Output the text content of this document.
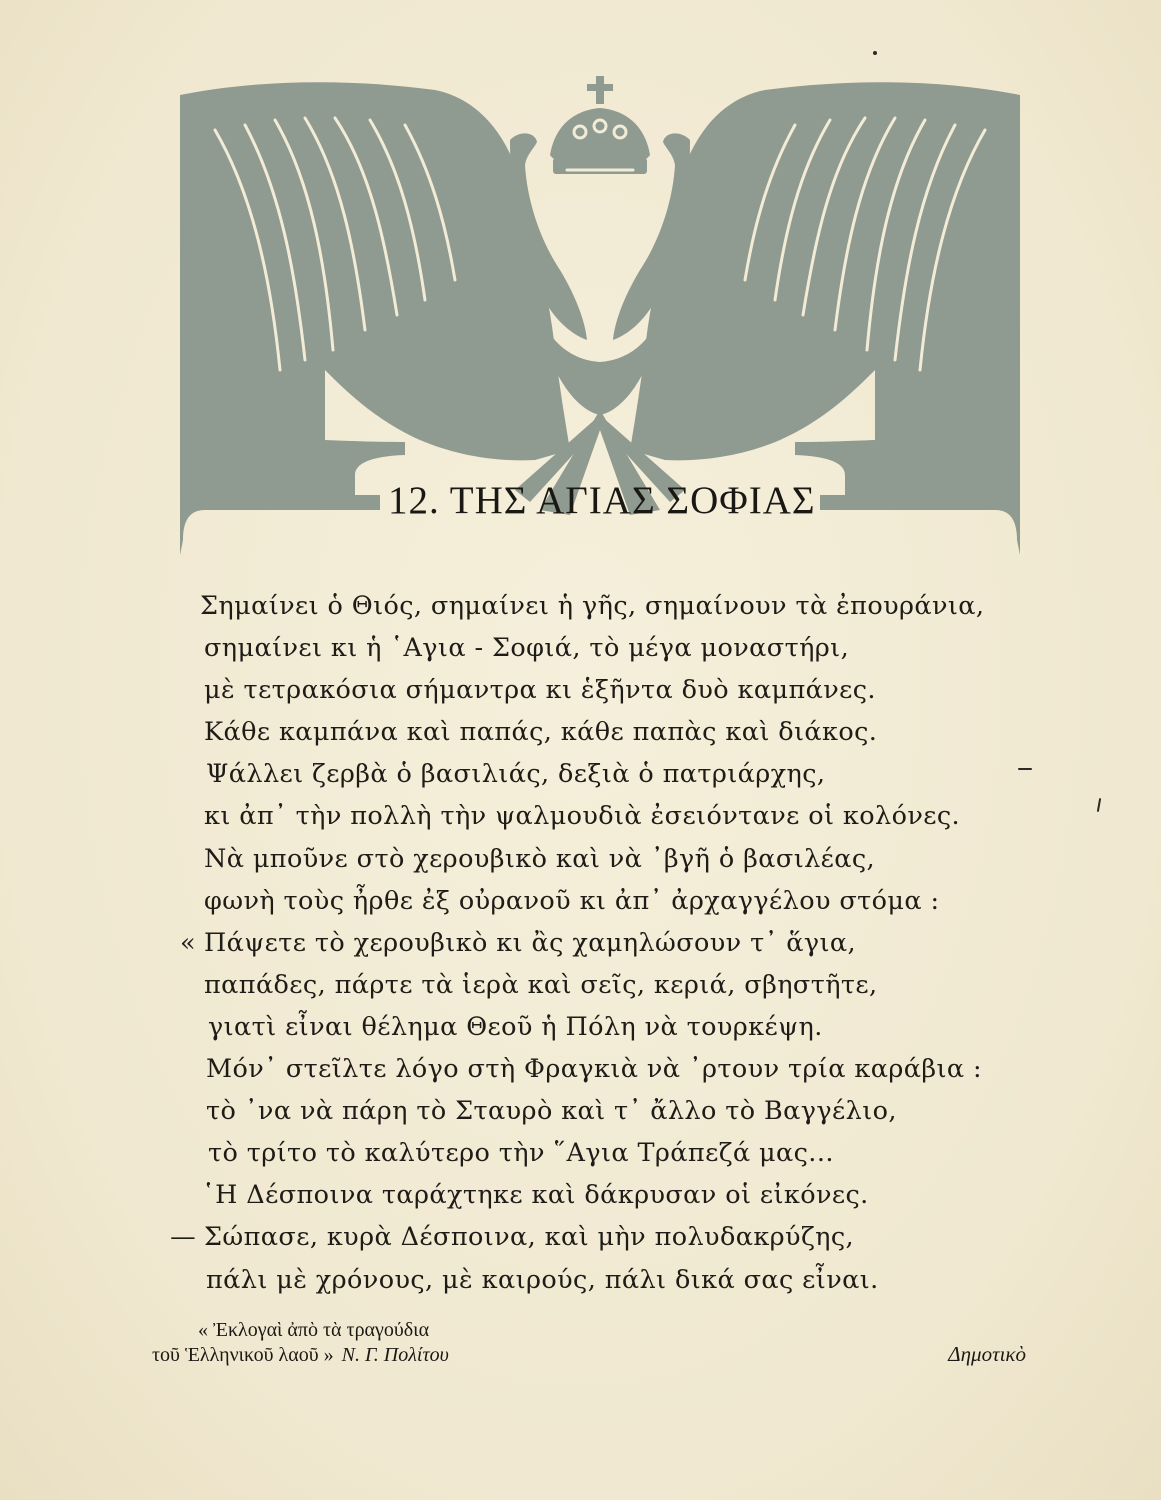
12. ΤΗΣ ΑΓΙΑΣ ΣΟΦΙΑΣ
Σημαίνει ὁ Θιός, σημαίνει ἡ γῆς, σημαίνουν τὰ ἐπουράνια,
σημαίνει κι ἡ ῾Αγια - Σοφιά, τὸ μέγα μοναστήρι,
μὲ τετρακόσια σήμαντρα κι ἑξῆντα δυὸ καμπάνες.
Κάθε καμπάνα καὶ παπάς, κάθε παπὰς καὶ διάκος.
Ψάλλει ζερβὰ ὁ βασιλιάς, δεξιὰ ὁ πατριάρχης,
κι ἀπ᾿ τὴν πολλὴ τὴν ψαλμουδιὰ ἐσειόντανε οἱ κολόνες.
Νὰ μποῦνε στὸ χερουβικὸ καὶ νὰ ᾿βγῆ ὁ βασιλέας,
φωνὴ τοὺς ἦρθε ἐξ οὐρανοῦ κι ἀπ᾿ ἀρχαγγέλου στόμα :
« Πάψετε τὸ χερουβικὸ κι ἂς χαμηλώσουν τ᾿ ἅγια,
παπάδες, πάρτε τὰ ἱερὰ καὶ σεῖς, κεριά, σβηστῆτε,
γιατὶ εἶναι θέλημα Θεοῦ ἡ Πόλη νὰ τουρκέψη.
Μόν᾿ στεῖλτε λόγο στὴ Φραγκιὰ νὰ ᾿ρτουν τρία καράβια :
τὸ ᾿να νὰ πάρη τὸ Σταυρὸ καὶ τ᾿ ἄλλο τὸ Βαγγέλιο,
τὸ τρίτο τὸ καλύτερο τὴν ῞Αγια Τράπεζά μας...
῾Η Δέσποινα ταράχτηκε καὶ δάκρυσαν οἱ εἰκόνες.
— Σώπασε, κυρὰ Δέσποινα, καὶ μὴν πολυδακρύζης,
πάλι μὲ χρόνους, μὲ καιρούς, πάλι δικά σας εἶναι.
« Ἐκλογαὶ ἀπὸ τὰ τραγούδια
τοῦ Ἑλληνικοῦ λαοῦ » Ν. Γ. Πολίτου	Δημοτικὸ
